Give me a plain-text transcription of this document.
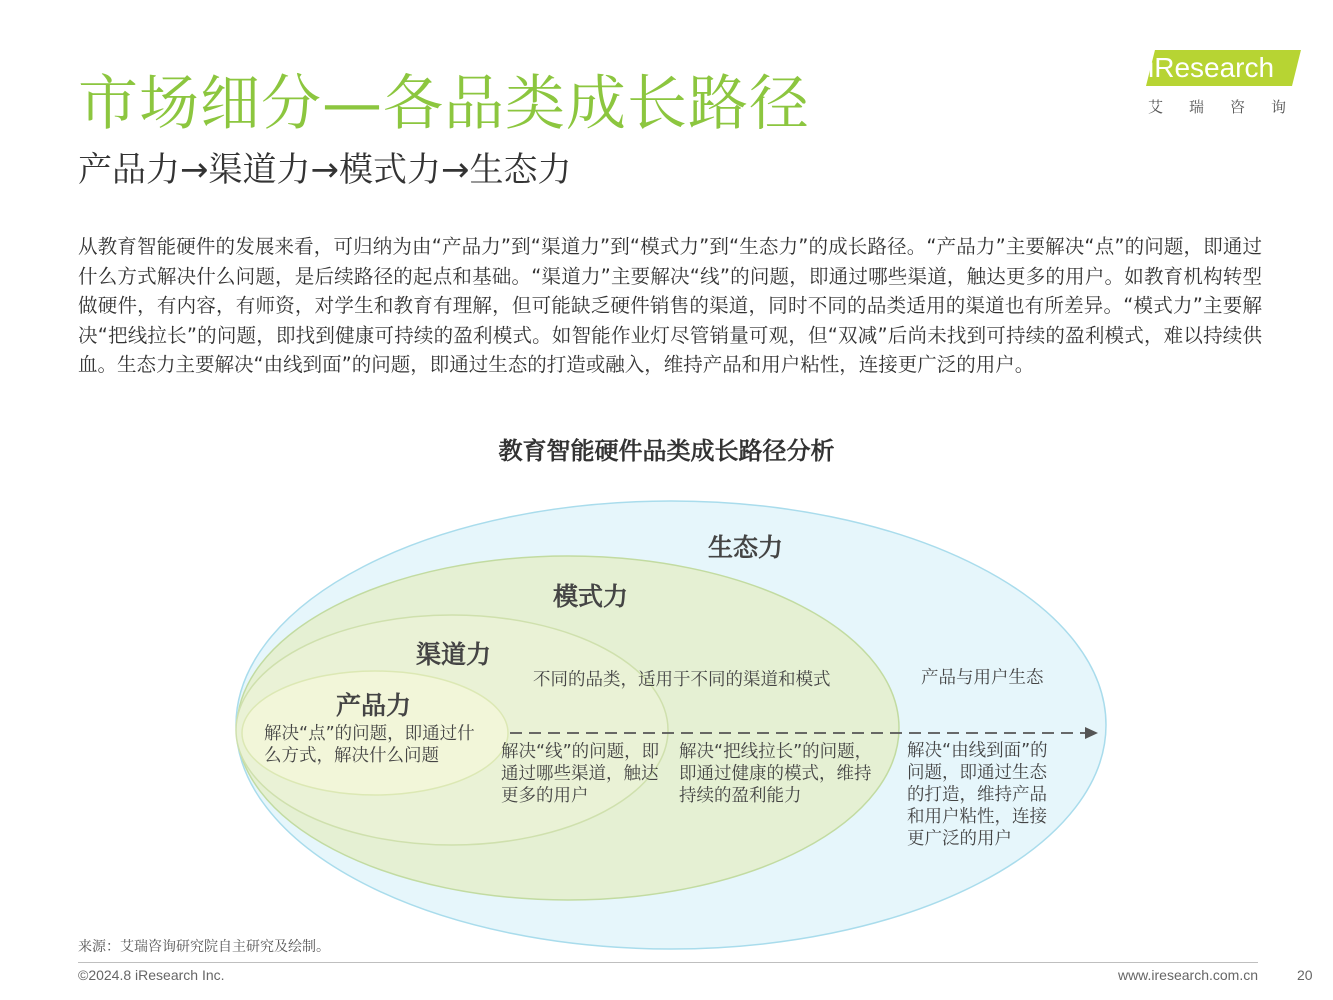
市场细分—各品类成长路径
产品力→渠道力→模式力→生态力
iResearch
艾瑞咨询
从教育智能硬件的发展来看，可归纳为由“产品力”到“渠道力”到“模式力”到“生态力”的成长路径。“产品力”主要解决“点”的问题，即通过什么方式解决什么问题，是后续路径的起点和基础。“渠道力”主要解决“线”的问题，即通过哪些渠道，触达更多的用户。如教育机构转型做硬件，有内容，有师资，对学生和教育有理解，但可能缺乏硬件销售的渠道，同时不同的品类适用的渠道也有所差异。“模式力”主要解决“把线拉长”的问题，即找到健康可持续的盈利模式。如智能作业灯尽管销量可观，但“双减”后尚未找到可持续的盈利模式，难以持续供血。生态力主要解决“由线到面”的问题，即通过生态的打造或融入，维持产品和用户粘性，连接更广泛的用户。
教育智能硬件品类成长路径分析
生态力
模式力
渠道力
产品力
不同的品类，适用于不同的渠道和模式	产品与用户生态
解决“点”的问题，即通过什么方式，解决什么问题	解决“线”的问题，即通过哪些渠道，触达更多的用户
解决“把线拉长”的问题，即通过健康的模式，维持持续的盈利能力
解决“由线到面”的问题，即通过生态的打造，维持产品和用户粘性，连接更广泛的用户
来源：艾瑞咨询研究院自主研究及绘制。
©2024.8 iResearch Inc.	www.iresearch.com.cn	20
